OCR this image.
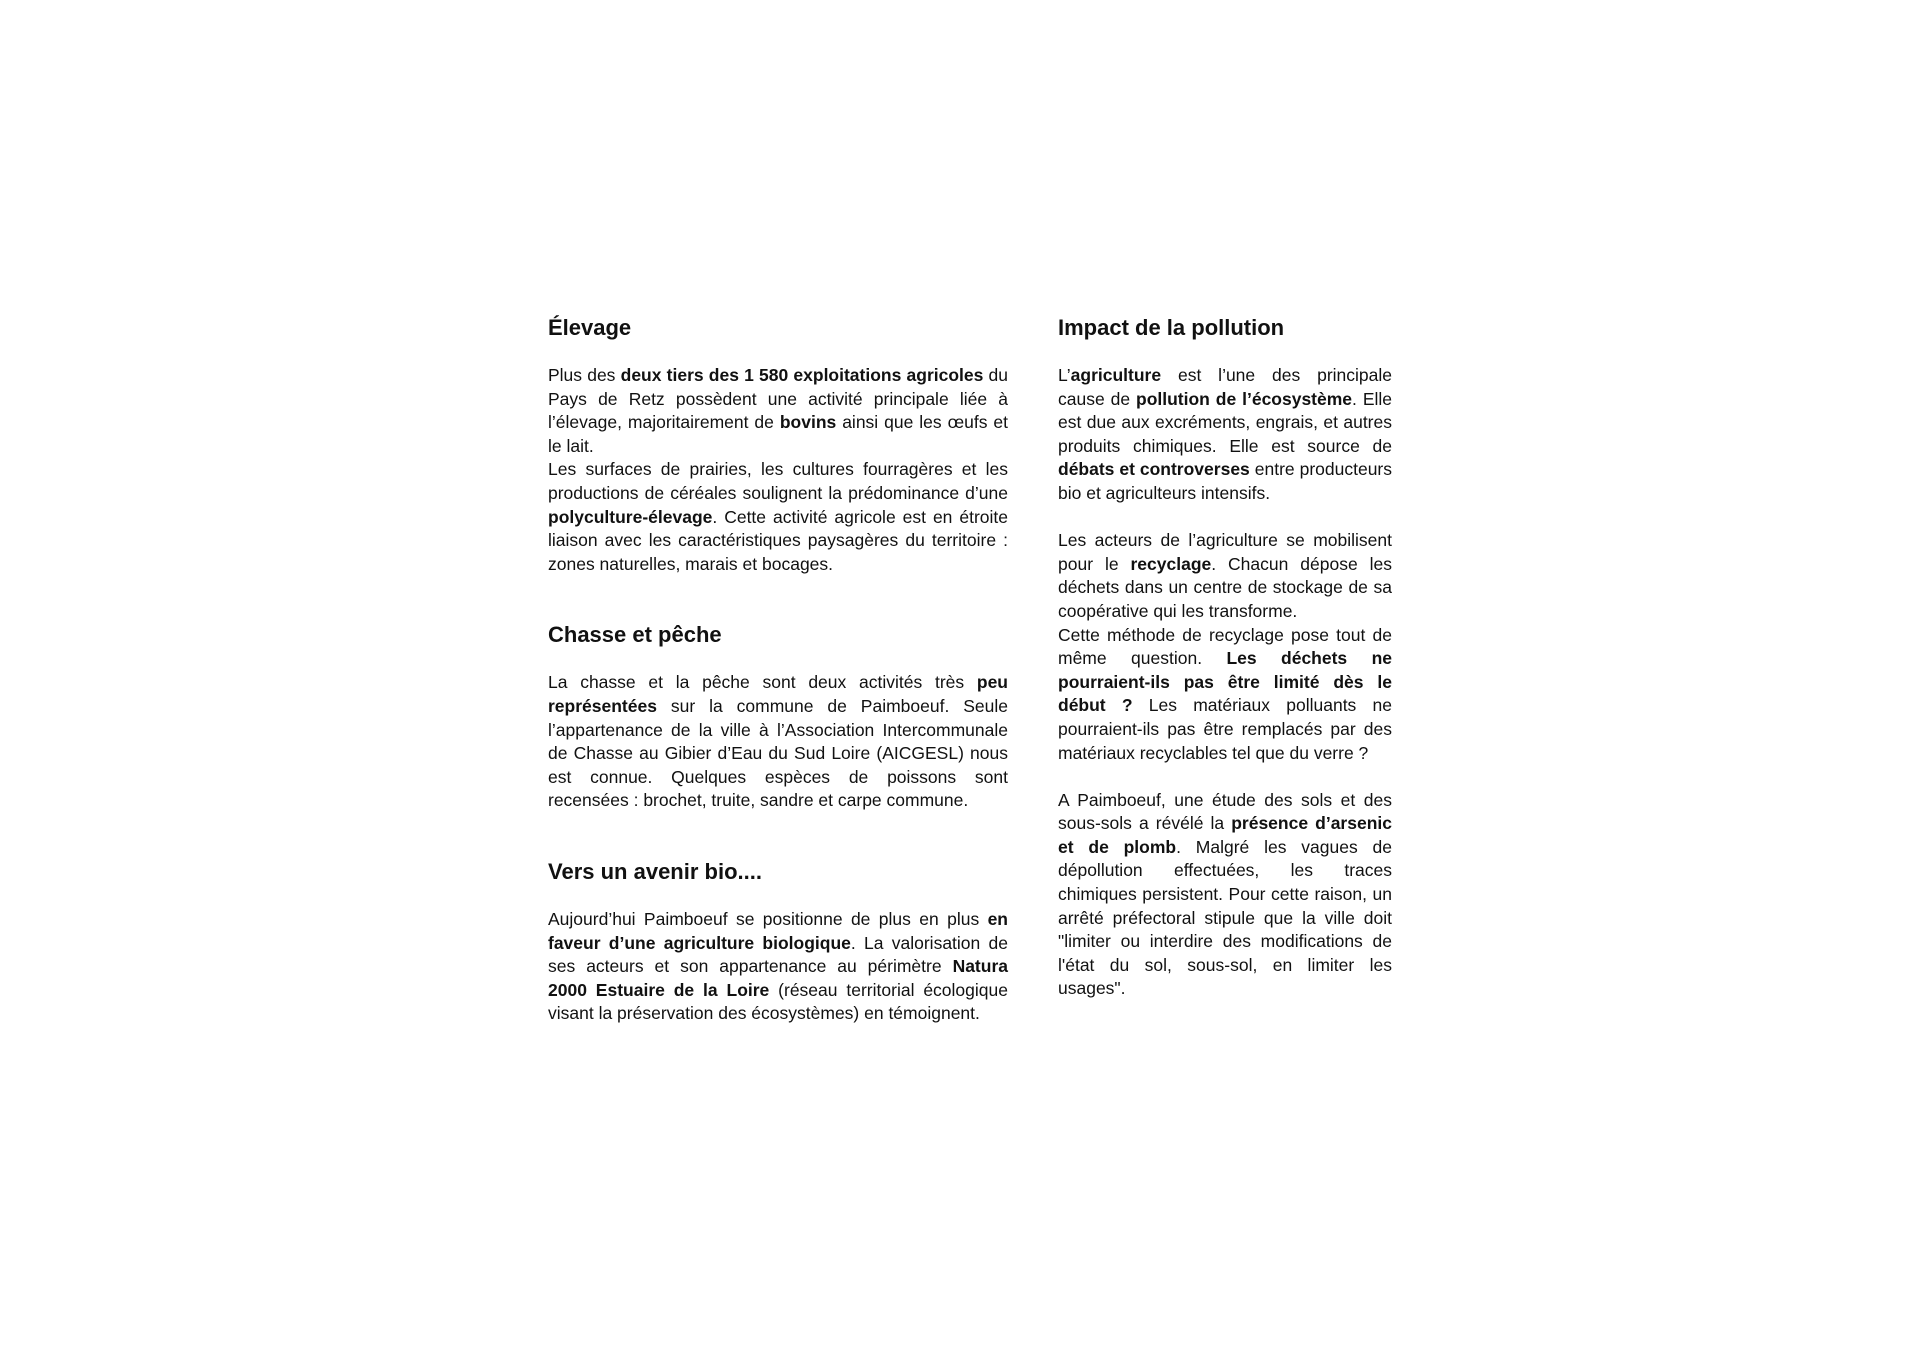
Élevage

Plus des deux tiers des 1 580 exploitations agricoles du Pays de Retz possèdent une activité principale liée à l’élevage, majoritairement de bovins ainsi que les œufs et le lait.

Les surfaces de prairies, les cultures fourragères et les productions de céréales soulignent la prédominance d’une polyculture-élevage. Cette activité agricole est en étroite liaison avec les caractéristiques paysagères du territoire : zones naturelles, marais et bocages.

Chasse et pêche

La chasse et la pêche sont deux activités très peu représentées sur la commune de Paimboeuf. Seule l’appartenance de la ville à l’Association Intercommunale de Chasse au Gibier d’Eau du Sud Loire (AICGESL) nous est connue. Quelques espèces de poissons sont recensées : brochet, truite, sandre et carpe commune.

Vers un avenir bio....

Aujourd’hui Paimboeuf se positionne de plus en plus en faveur d’une agriculture biologique. La valorisation de ses acteurs et son appartenance au périmètre Natura 2000 Estuaire de la Loire (réseau territorial écologique visant la préservation des écosystèmes) en témoignent.

Impact de la pollution

L’agriculture est l’une des principale cause de pollution de l’écosystème. Elle est due aux excréments, engrais, et autres produits chimiques. Elle est source de débats et controverses entre producteurs bio et agriculteurs intensifs.

Les acteurs de l’agriculture se mobilisent pour le recyclage. Chacun dépose les déchets dans un centre de stockage de sa coopérative qui les transforme.

Cette méthode de recyclage pose tout de même question. Les déchets ne pourraient-ils pas être limité dès le début ? Les matériaux polluants ne pourraient-ils pas être remplacés par des matériaux recyclables tel que du verre ?

A Paimboeuf, une étude des sols et des sous-sols a révélé la présence d’arsenic et de plomb. Malgré les vagues de dépollution effectuées, les traces chimiques persistent. Pour cette raison, un arrêté préfectoral stipule que la ville doit "limiter ou interdire des modifications de l'état du sol, sous-sol, en limiter les usages".
